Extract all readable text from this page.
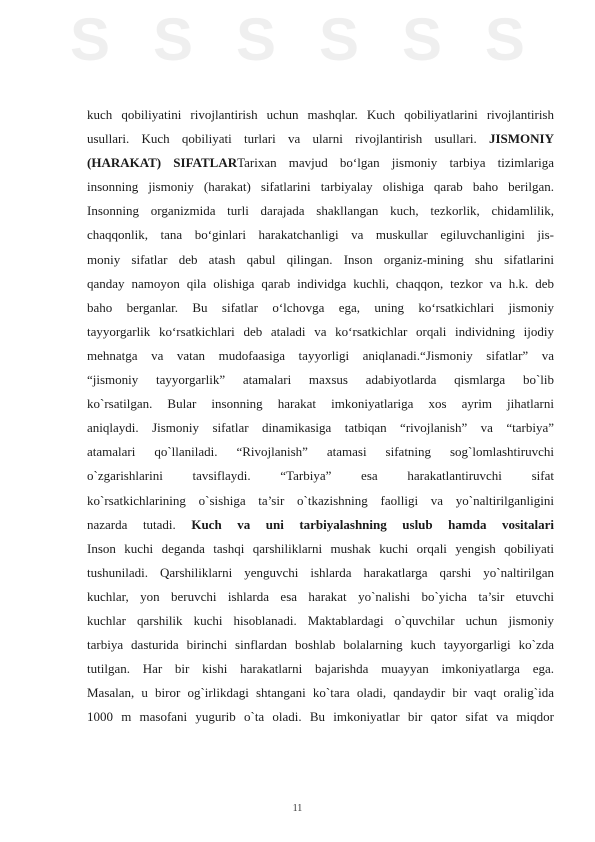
S S S S S S
kuch qobiliyatini rivojlantirish uchun mashqlar. Kuch qobiliyatlarini rivojlantirish
usullari. Kuch qobiliyati turlari va ularni rivojlantirish usullari. JISMONIY
(HARAKAT) SIFATLARTarixan mavjud bo‘lgan jismoniy tarbiya tizimlariga
insonning jismoniy (harakat) sifatlarini tarbiyalay olishiga qarab baho berilgan.
Insonning organizmida turli darajada shakllangan kuch, tezkorlik, chidamlilik,
chaqqonlik, tana bo‘ginlari harakatchanligi va muskullar egiluvchanligini jis-
moniy sifatlar deb atash qabul qilingan. Inson organiz-mining shu sifatlarini
qanday namoyon qila olishiga qarab individga kuchli, chaqqon, tezkor va h.k. deb
baho berganlar. Bu sifatlar o‘lchovga ega, uning ko‘rsatkichlari jismoniy
tayyorgarlik ko‘rsatkichlari deb ataladi va ko‘rsatkichlar orqali individning ijodiy
mehnatga va vatan mudofaasiga tayyorligi aniqlanadi.“Jismoniy sifatlar” va
“jismoniy tayyorgarlik” atamalari maxsus adabiyotlarda qismlarga bo`lib
ko`rsatilgan. Bular insonning harakat imkoniyatlariga xos ayrim jihatlarni
aniqlaydi. Jismoniy sifatlar dinamikasiga tatbiqan “rivojlanish” va “tarbiya”
atamalari qo`llaniladi. “Rivojlanish” atamasi sifatning sog`lomlashtiruvchi
o`zgarishlarini tavsiflaydi. “Tarbiya” esa harakatlantiruvchi sifat
ko`rsatkichlarining o`sishiga ta’sir o`tkazishning faolligi va yo`naltirilganligini
nazarda tutadi. Kuch va uni tarbiyalashning uslub hamda vositalari
Inson kuchi deganda tashqi qarshiliklarni mushak kuchi orqali yengish qobiliyati
tushuniladi. Qarshiliklarni yenguvchi ishlarda harakatlarga qarshi yo`naltirilgan
kuchlar, yon beruvchi ishlarda esa harakat yo`nalishi bo`yicha ta’sir etuvchi
kuchlar qarshilik kuchi hisoblanadi. Maktablardagi o`quvchilar uchun jismoniy
tarbiya dasturida birinchi sinflardan boshlab bolalarning kuch tayyorgarligi ko`zda
tutilgan. Har bir kishi harakatlarni bajarishda muayyan imkoniyatlarga ega.
Masalan, u biror og`irlikdagi shtangani ko`tara oladi, qandaydir bir vaqt oralig`ida
1000 m masofani yugurib o`ta oladi. Bu imkoniyatlar bir qator sifat va miqdor
11
